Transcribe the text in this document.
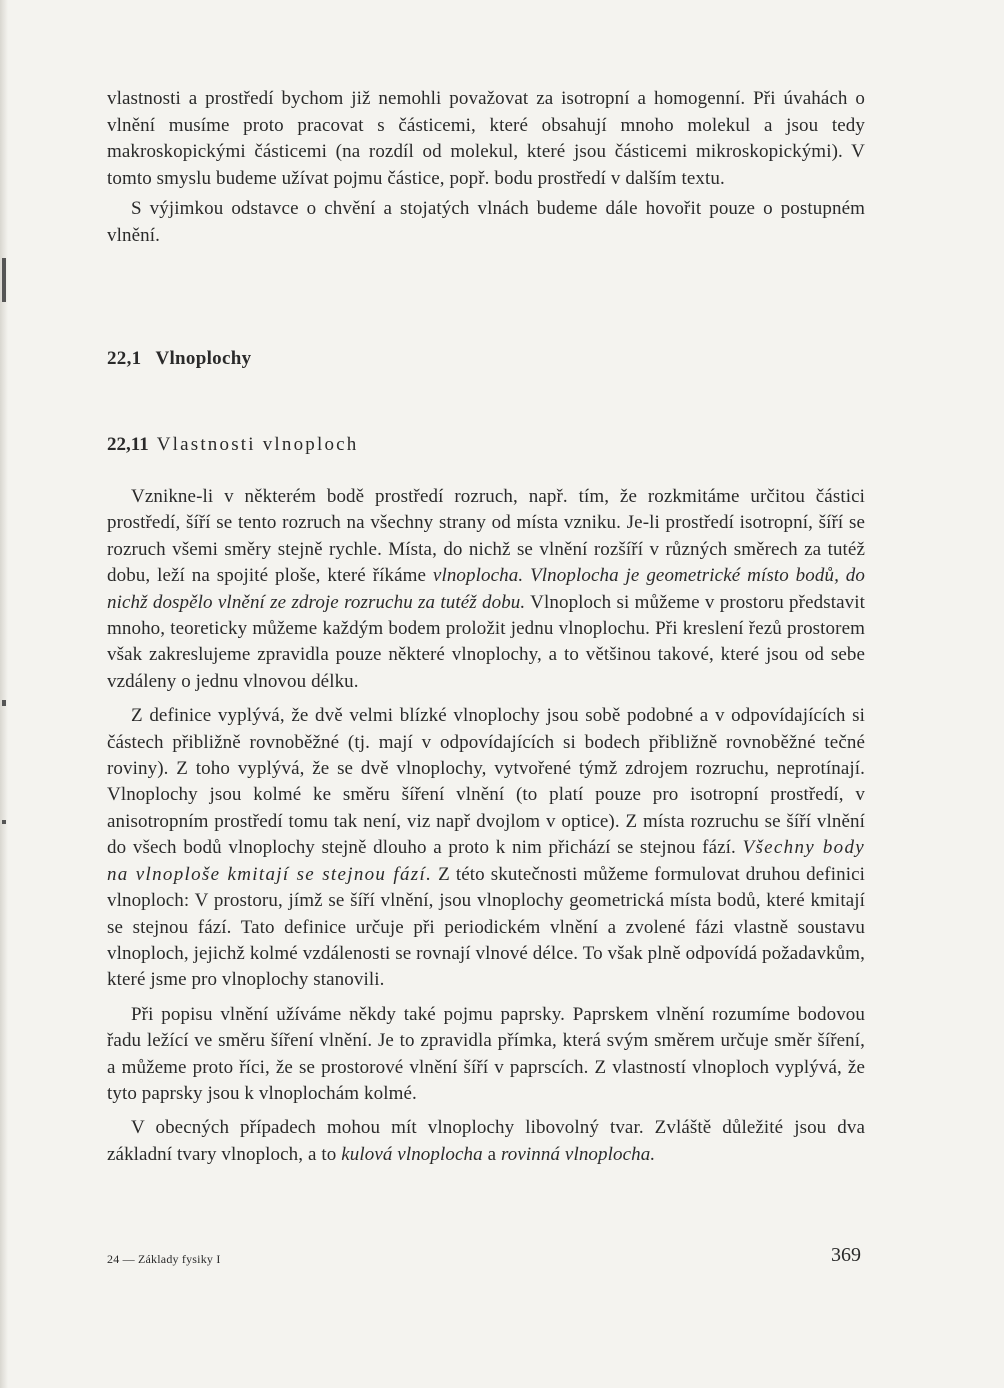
vlastnosti a prostředí bychom již nemohli považovat za isotropní a homogenní. Při úvahách o vlnění musíme proto pracovat s částicemi, které obsahují mnoho molekul a jsou tedy makroskopickými částicemi (na rozdíl od molekul, které jsou částicemi mikroskopickými). V tomto smyslu budeme užívat pojmu částice, popř. bodu prostředí v dalším textu.

S výjimkou odstavce o chvění a stojatých vlnách budeme dále hovořit pouze o postupném vlnění.

22,1 Vlnoplochy
22,11 Vlastnosti vlnoploch

Vznikne-li v některém bodě prostředí rozruch, např. tím, že rozkmitáme určitou částici prostředí, šíří se tento rozruch na všechny strany od místa vzniku. Je-li prostředí isotropní, šíří se rozruch všemi směry stejně rychle. Místa, do nichž se vlnění rozšíří v různých směrech za tutéž dobu, leží na spojité ploše, které říkáme vlnoplocha. Vlnoplocha je geometrické místo bodů, do nichž dospělo vlnění ze zdroje rozruchu za tutéž dobu. Vlnoploch si můžeme v prostoru představit mnoho, teoreticky můžeme každým bodem proložit jednu vlnoplochu. Při kreslení řezů prostorem však zakreslujeme zpravidla pouze některé vlnoplochy, a to většinou takové, které jsou od sebe vzdáleny o jednu vlnovou délku.

Z definice vyplývá, že dvě velmi blízké vlnoplochy jsou sobě podobné a v odpovídajících si částech přibližně rovnoběžné (tj. mají v odpovídajících si bodech přibližně rovnoběžné tečné roviny). Z toho vyplývá, že se dvě vlnoplochy, vytvořené týmž zdrojem rozruchu, neprotínají. Vlnoplochy jsou kolmé ke směru šíření vlnění (to platí pouze pro isotropní prostředí, v anisotropním prostředí tomu tak není, viz např dvojlom v optice). Z místa rozruchu se šíří vlnění do všech bodů vlnoplochy stejně dlouho a proto k nim přichází se stejnou fází. Všechny body na vlnoploše kmitají se stejnou fází. Z této skutečnosti můžeme formulovat druhou definici vlnoploch: V prostoru, jímž se šíří vlnění, jsou vlnoplochy geometrická místa bodů, které kmitají se stejnou fází. Tato definice určuje při periodickém vlnění a zvolené fázi vlastně soustavu vlnoploch, jejichž kolmé vzdálenosti se rovnají vlnové délce. To však plně odpovídá požadavkům, které jsme pro vlnoplochy stanovili.

Při popisu vlnění užíváme někdy také pojmu paprsky. Paprskem vlnění rozumíme bodovou řadu ležící ve směru šíření vlnění. Je to zpravidla přímka, která svým směrem určuje směr šíření, a můžeme proto říci, že se prostorové vlnění šíří v paprscích. Z vlastností vlnoploch vyplývá, že tyto paprsky jsou k vlnoplochám kolmé.

V obecných případech mohou mít vlnoplochy libovolný tvar. Zvláště důležité jsou dva základní tvary vlnoploch, a to kulová vlnoplocha a rovinná vlnoplocha.

24 — Základy fysiky I	369
